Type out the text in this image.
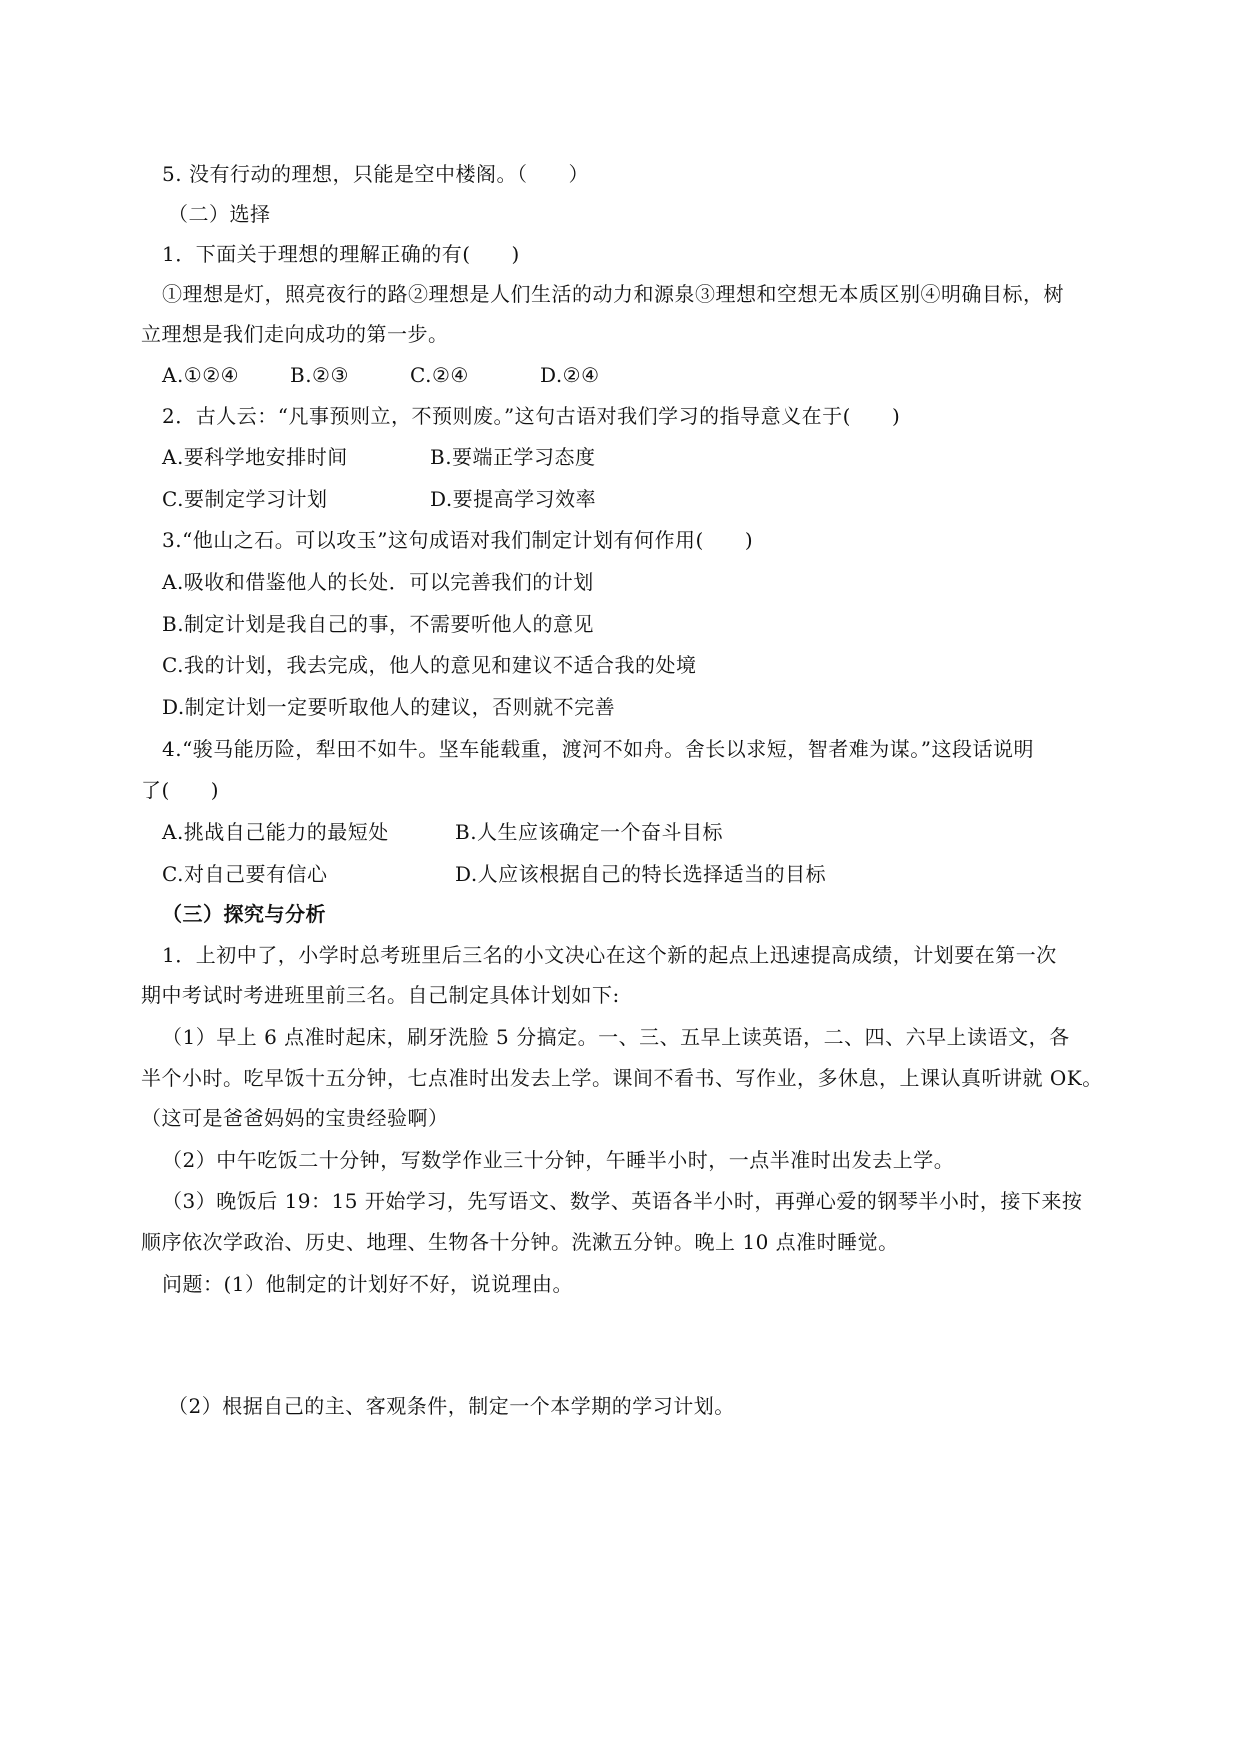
5. 没有行动的理想，只能是空中楼阁。（　　）
（二）选择
1．下面关于理想的理解正确的有(　　)
①理想是灯，照亮夜行的路②理想是人们生活的动力和源泉③理想和空想无本质区别④明确目标，树
立理想是我们走向成功的第一步。
A.①②④	B.②③	C.②④	D.②④
2．古人云：“凡事预则立，不预则废。”这句古语对我们学习的指导意义在于(　　)
A.要科学地安排时间	B.要端正学习态度
C.要制定学习计划	D.要提高学习效率
3.“他山之石。可以攻玉”这句成语对我们制定计划有何作用(　　)
A.吸收和借鉴他人的长处．可以完善我们的计划
B.制定计划是我自己的事，不需要听他人的意见
C.我的计划，我去完成，他人的意见和建议不适合我的处境
D.制定计划一定要听取他人的建议，否则就不完善
4.“骏马能历险，犁田不如牛。坚车能载重，渡河不如舟。舍长以求短，智者难为谋。”这段话说明
了(　　)
A.挑战自己能力的最短处	B.人生应该确定一个奋斗目标
C.对自己要有信心	D.人应该根据自己的特长选择适当的目标
（三）探究与分析
1．上初中了，小学时总考班里后三名的小文决心在这个新的起点上迅速提高成绩，计划要在第一次
期中考试时考进班里前三名。自己制定具体计划如下:
（1）早上 6 点准时起床，刷牙洗脸 5 分搞定。一、三、五早上读英语，二、四、六早上读语文，各
半个小时。吃早饭十五分钟，七点准时出发去上学。课间不看书、写作业，多休息，上课认真听讲就 OK。
（这可是爸爸妈妈的宝贵经验啊）
（2）中午吃饭二十分钟，写数学作业三十分钟，午睡半小时，一点半准时出发去上学。
（3）晚饭后 19：15 开始学习，先写语文、数学、英语各半小时，再弹心爱的钢琴半小时，接下来按
顺序依次学政治、历史、地理、生物各十分钟。洗漱五分钟。晚上 10 点准时睡觉。
问题：(1）他制定的计划好不好，说说理由。
（2）根据自己的主、客观条件，制定一个本学期的学习计划。
